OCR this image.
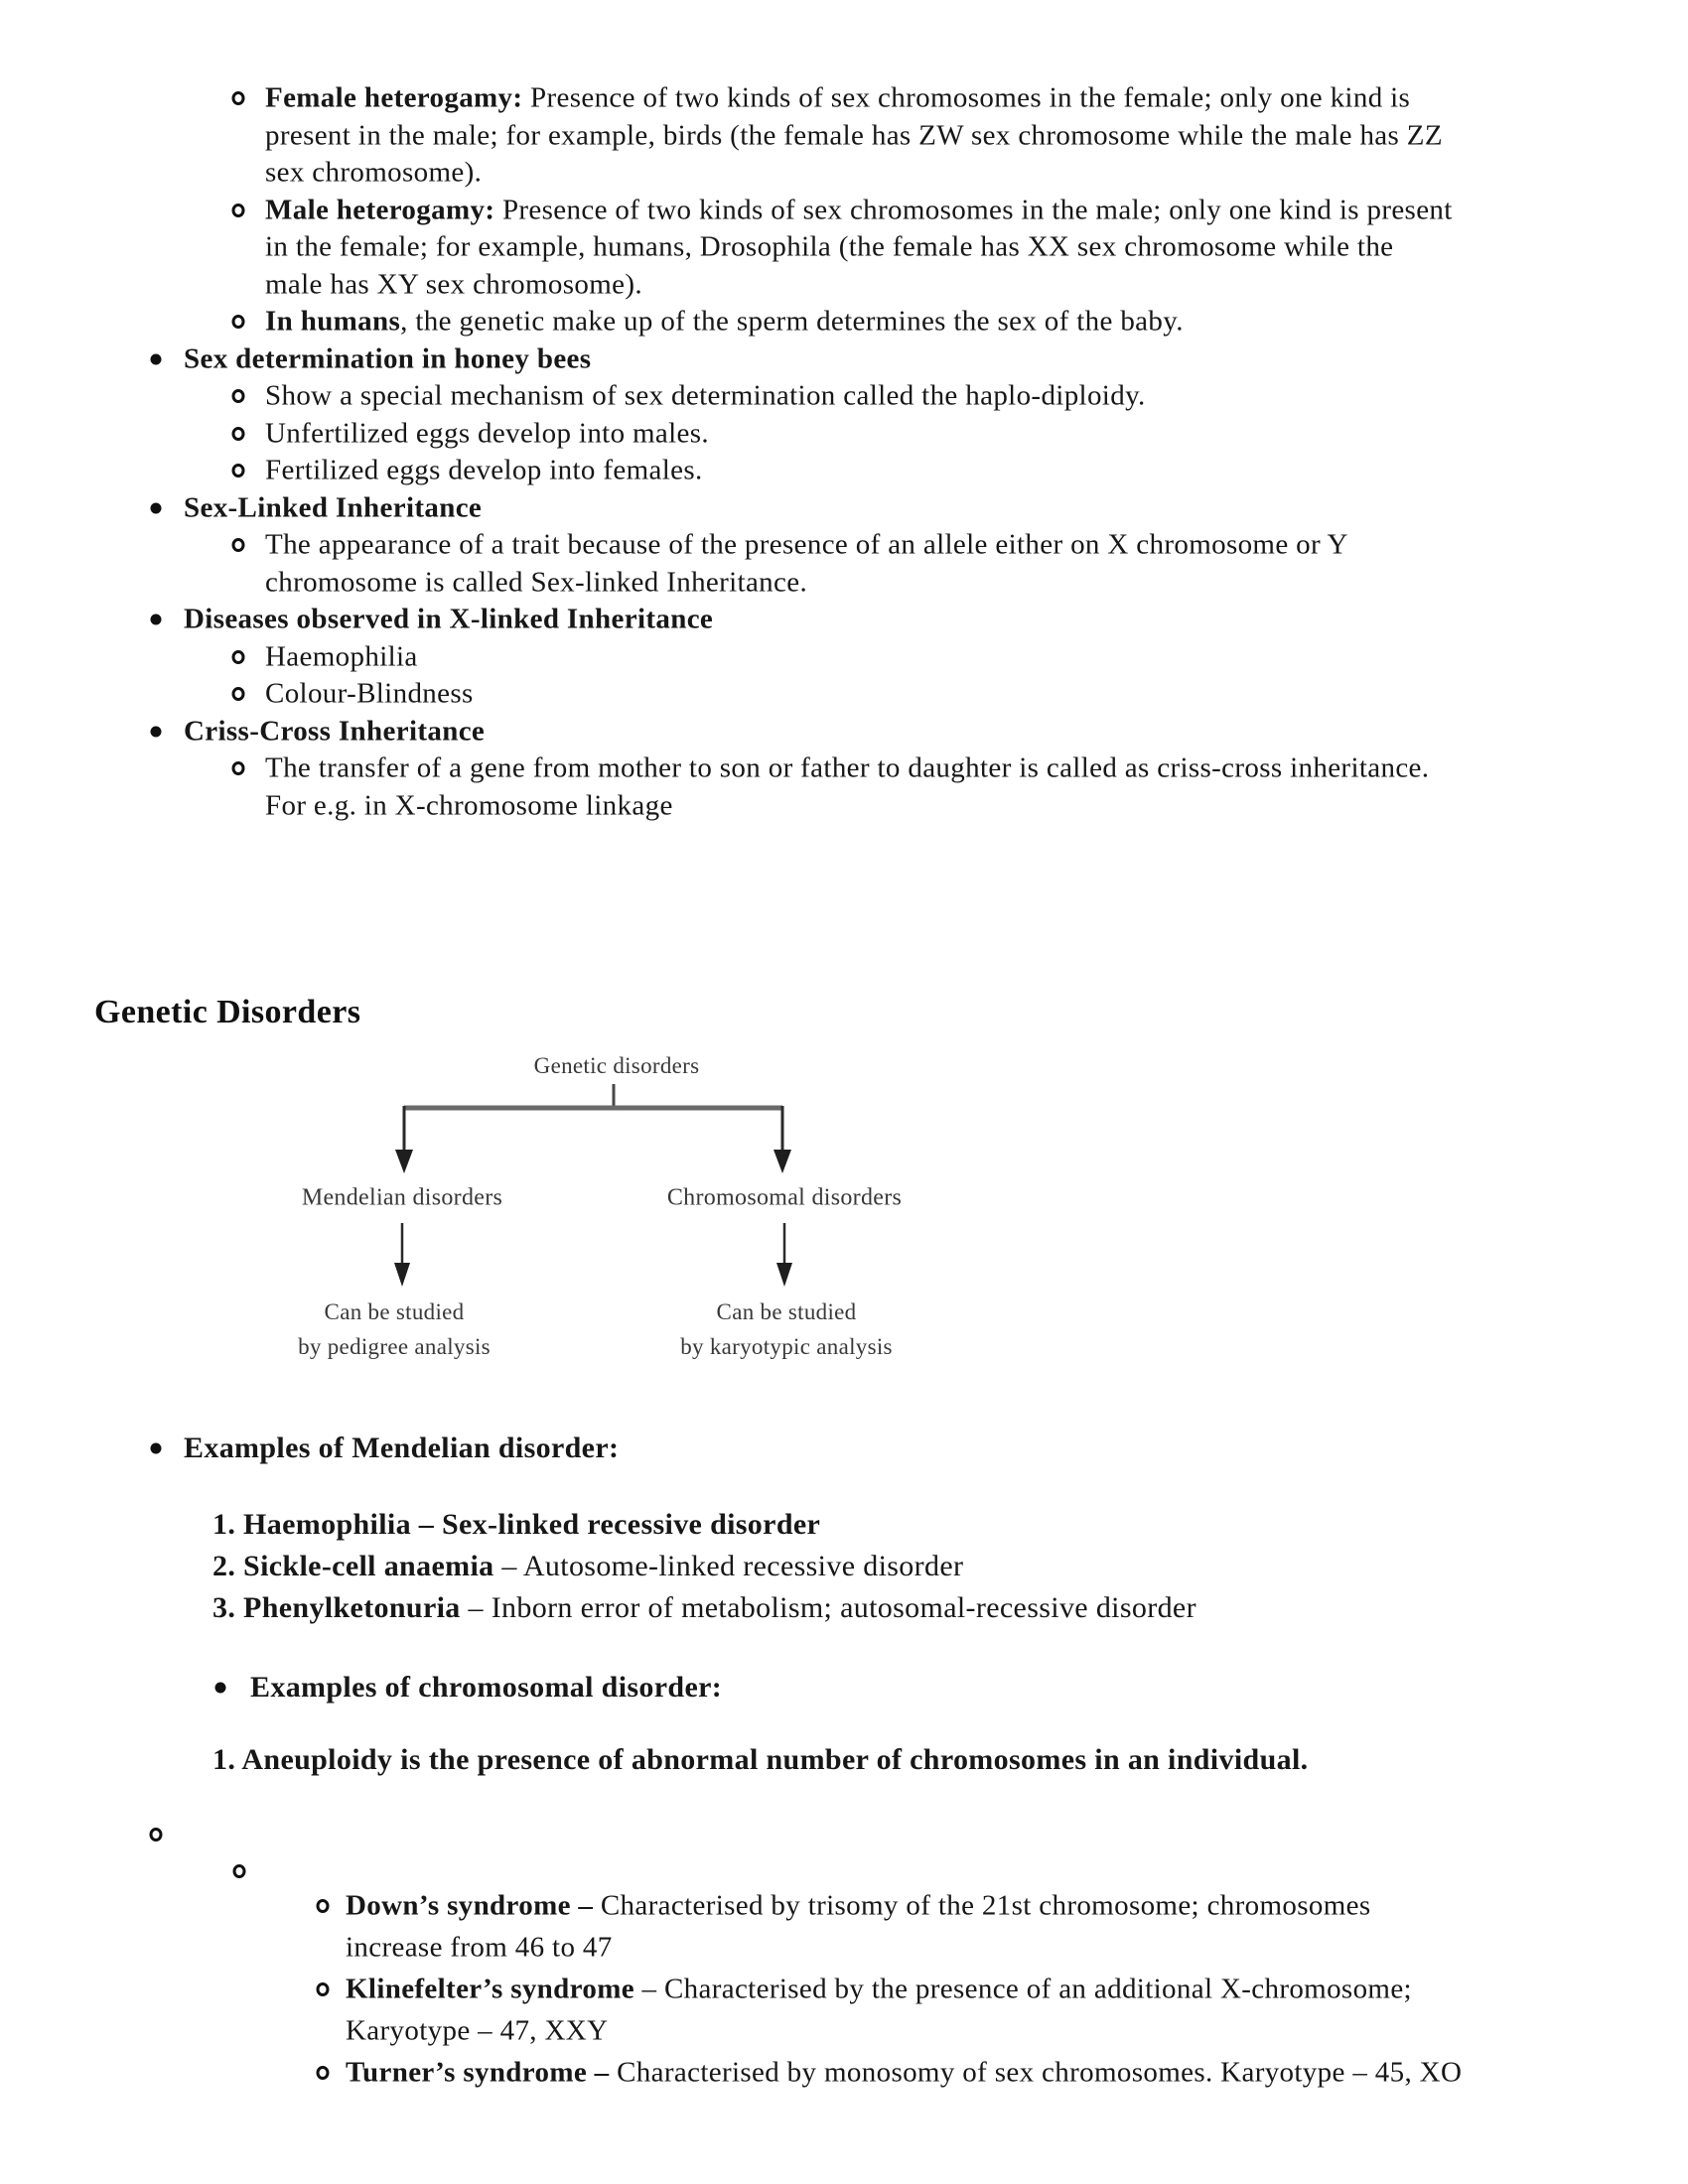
Female heterogamy: Presence of two kinds of sex chromosomes in the female; only one kind is
present in the male; for example, birds (the female has ZW sex chromosome while the male has ZZ
sex chromosome).
Male heterogamy: Presence of two kinds of sex chromosomes in the male; only one kind is present
in the female; for example, humans, Drosophila (the female has XX sex chromosome while the
male has XY sex chromosome).
In humans, the genetic make up of the sperm determines the sex of the baby.
Sex determination in honey bees
Show a special mechanism of sex determination called the haplo-diploidy.
Unfertilized eggs develop into males.
Fertilized eggs develop into females.
Sex-Linked Inheritance
The appearance of a trait because of the presence of an allele either on X chromosome or Y
chromosome is called Sex-linked Inheritance.
Diseases observed in X-linked Inheritance
Haemophilia
Colour-Blindness
Criss-Cross Inheritance
The transfer of a gene from mother to son or father to daughter is called as criss-cross inheritance.
For e.g. in X-chromosome linkage
Examples of Mendelian disorder:
1. Haemophilia – Sex-linked recessive disorder
2. Sickle-cell anaemia – Autosome-linked recessive disorder
3. Phenylketonuria – Inborn error of metabolism; autosomal-recessive disorder
Examples of chromosomal disorder:
1. Aneuploidy is the presence of abnormal number of chromosomes in an individual.
Down’s syndrome – Characterised by trisomy of the 21st chromosome; chromosomes
increase from 46 to 47
Klinefelter’s syndrome – Characterised by the presence of an additional X-chromosome;
Karyotype – 47, XXY
Turner’s syndrome – Characterised by monosomy of sex chromosomes. Karyotype – 45, XO
Genetic Disorders
Genetic disorders
Mendelian disorders	Chromosomal disorders
Can be studied
by pedigree analysis
Can be studied
by karyotypic analysis
